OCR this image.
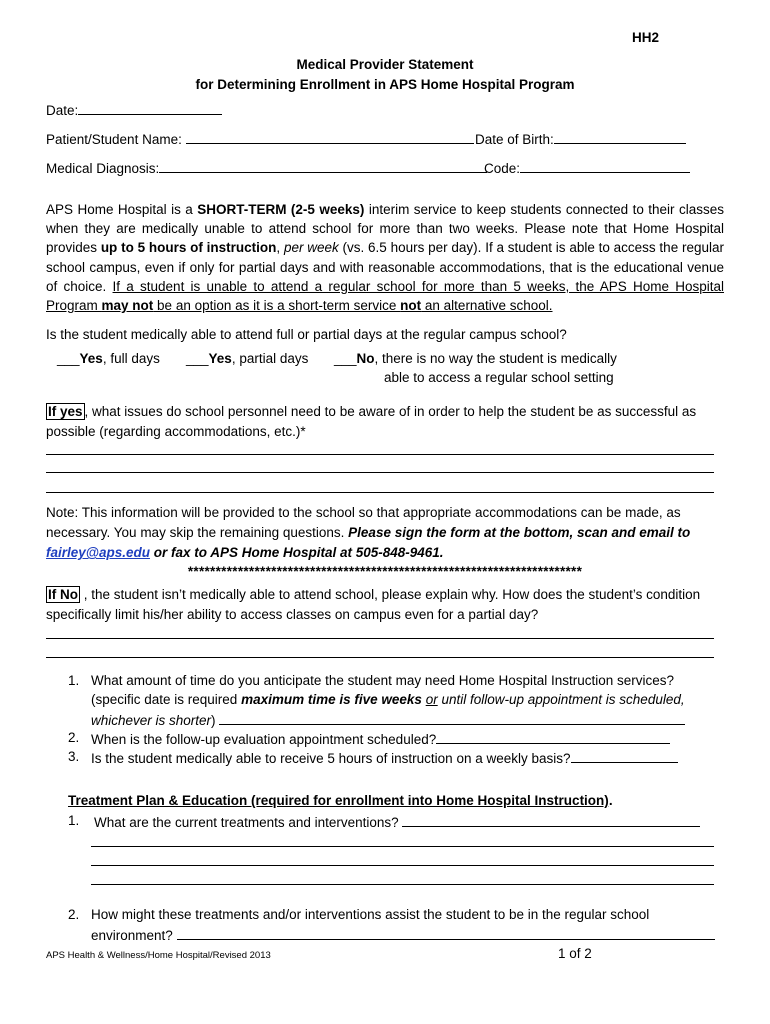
HH2
Medical Provider Statement
for Determining Enrollment in APS Home Hospital Program
Date:
Patient/Student Name:	Date of Birth:
Medical Diagnosis:	Code:

APS Home Hospital is a SHORT-TERM (2-5 weeks) interim service to keep students connected to their classes when they are medically unable to attend school for more than two weeks. Please note that Home Hospital provides up to 5 hours of instruction, per week (vs. 6.5 hours per day). If a student is able to access the regular school campus, even if only for partial days and with reasonable accommodations, that is the educational venue of choice. If a student is unable to attend a regular school for more than 5 weeks, the APS Home Hospital Program may not be an option as it is a short-term service not an alternative school.

Is the student medically able to attend full or partial days at the regular campus school?
___Yes, full days ___Yes, partial days ___No, there is no way the student is medically
able to access a regular school setting

If yes , what issues do school personnel need to be aware of in order to help the student be as successful as possible (regarding accommodations, etc.)*

Note: This information will be provided to the school so that appropriate accommodations can be made, as necessary. You may skip the remaining questions. Please sign the form at the bottom, scan and email to
fairley@aps.edu or fax to APS Home Hospital at 505-848-9461.

***********************************************************************

If No , the student isn’t medically able to attend school, please explain why. How does the student’s condition specifically limit his/her ability to access classes on campus even for a partial day?

1. What amount of time do you anticipate the student may need Home Hospital Instruction services?
(specific date is required maximum time is five weeks or until follow-up appointment is scheduled,
whichever is shorter)
2. When is the follow-up evaluation appointment scheduled?
3. Is the student medically able to receive 5 hours of instruction on a weekly basis?
Treatment Plan & Education (required for enrollment into Home Hospital Instruction).
1. What are the current treatments and interventions?
2. How might these treatments and/or interventions assist the student to be in the regular school
environment?
APS Health & Wellness/Home Hospital/Revised 2013	1 of 2
